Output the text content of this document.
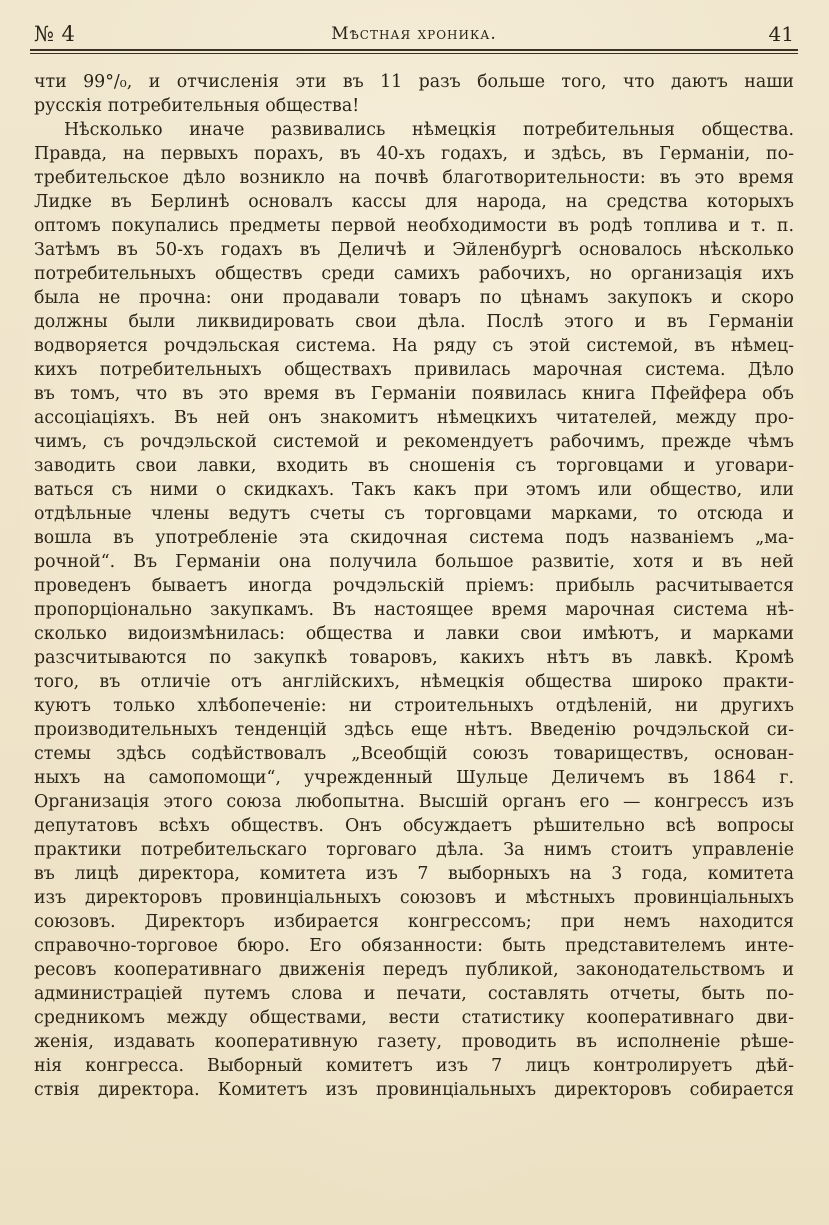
№ 4	Мѣстная хроника.	41
чти 99°/₀, и отчисленія эти въ 11 разъ больше того, что даютъ наши
русскія потребительныя общества!
Нѣсколько иначе развивались нѣмецкія потребительныя общества.
Правда, на первыхъ порахъ, въ 40-хъ годахъ, и здѣсь, въ Германіи, по-
требительское дѣло возникло на почвѣ благотворительности: въ это время
Лидке въ Берлинѣ основалъ кассы для народа, на средства которыхъ
оптомъ покупались предметы первой необходимости въ родѣ топлива и т. п.
Затѣмъ въ 50-хъ годахъ въ Деличѣ и Эйленбургѣ основалось нѣсколько
потребительныхъ обществъ среди самихъ рабочихъ, но организація ихъ
была не прочна: они продавали товаръ по цѣнамъ закупокъ и скоро
должны были ликвидировать свои дѣла. Послѣ этого и въ Германіи
водворяется рочдэльская система. На ряду съ этой системой, въ нѣмец-
кихъ потребительныхъ обществахъ привилась марочная система. Дѣло
въ томъ, что въ это время въ Германіи появилась книга Пфейфера объ
ассоціаціяхъ. Въ ней онъ знакомитъ нѣмецкихъ читателей, между про-
чимъ, съ рочдэльской системой и рекомендуетъ рабочимъ, прежде чѣмъ
заводить свои лавки, входить въ сношенія съ торговцами и уговари-
ваться съ ними о скидкахъ. Такъ какъ при этомъ или общество, или
отдѣльные члены ведутъ счеты съ торговцами марками, то отсюда и
вошла въ употребленіе эта скидочная система подъ названіемъ „ма-
рочной“. Въ Германіи она получила большое развитіе, хотя и въ ней
проведенъ бываетъ иногда рочдэльскій пріемъ: прибыль расчитывается
пропорціонально закупкамъ. Въ настоящее время марочная система нѣ-
сколько видоизмѣнилась: общества и лавки свои имѣютъ, и марками
разсчитываются по закупкѣ товаровъ, какихъ нѣтъ въ лавкѣ. Кромѣ
того, въ отличіе отъ англійскихъ, нѣмецкія общества широко практи-
куютъ только хлѣбопеченіе: ни строительныхъ отдѣленій, ни другихъ
производительныхъ тенденцій здѣсь еще нѣтъ. Введенію рочдэльской си-
стемы здѣсь содѣйствовалъ „Всеобщій союзъ товариществъ, основан-
ныхъ на самопомощи“, учрежденный Шульце Деличемъ въ 1864 г.
Организація этого союза любопытна. Высшій органъ его — конгрессъ изъ
депутатовъ всѣхъ обществъ. Онъ обсуждаетъ рѣшительно всѣ вопросы
практики потребительскаго торговаго дѣла. За нимъ стоитъ управленіе
въ лицѣ директора, комитета изъ 7 выборныхъ на 3 года, комитета
изъ директоровъ провинціальныхъ союзовъ и мѣстныхъ провинціальныхъ
союзовъ. Директоръ избирается конгрессомъ; при немъ находится
справочно-торговое бюро. Его обязанности: быть представителемъ инте-
ресовъ кооперативнаго движенія передъ публикой, законодательствомъ и
администраціей путемъ слова и печати, составлять отчеты, быть по-
средникомъ между обществами, вести статистику кооперативнаго дви-
женія, издавать кооперативную газету, проводить въ исполненіе рѣше-
нія конгресса. Выборный комитетъ изъ 7 лицъ контролируетъ дѣй-
ствія директора. Комитетъ изъ провинціальныхъ директоровъ собирается
